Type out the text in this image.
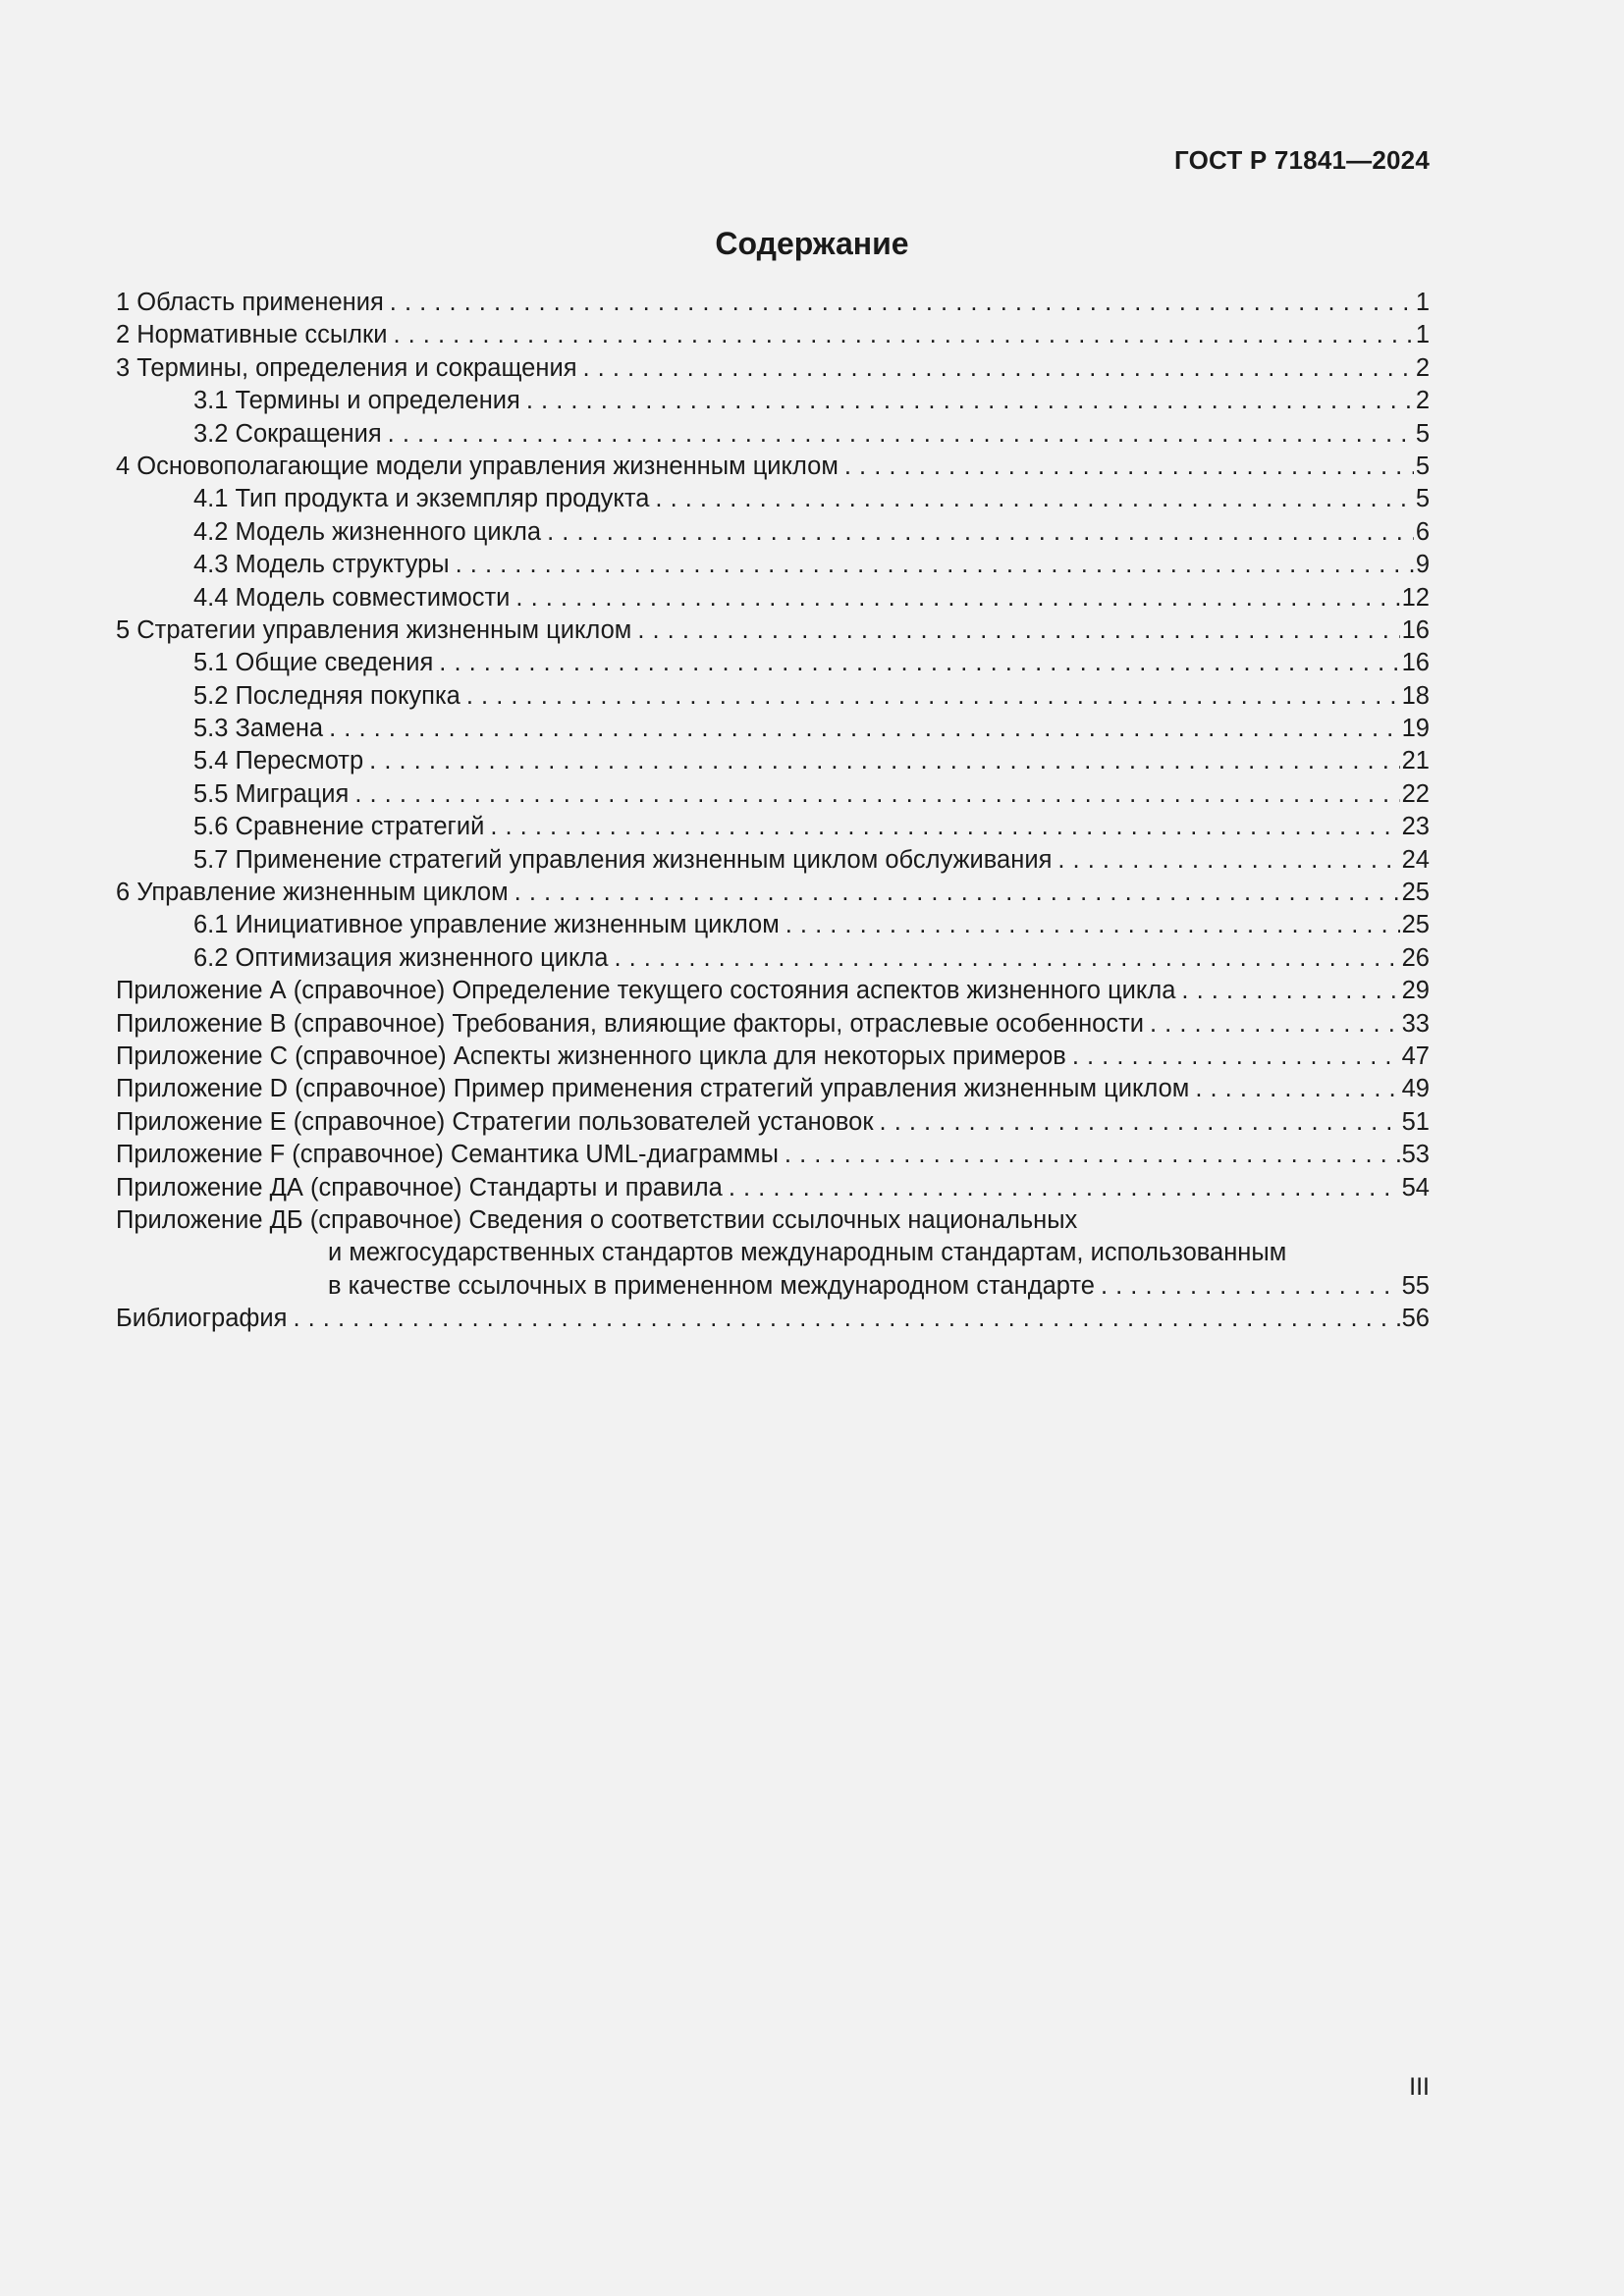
ГОСТ Р 71841—2024
Содержание
1 Область применения . . .	1
2 Нормативные ссылки . . .	1
3 Термины, определения и сокращения . . .	2
3.1 Термины и определения . . .	2
3.2 Сокращения . . .	5
4 Основополагающие модели управления жизненным циклом . . .	5
4.1 Тип продукта и экземпляр продукта . . .	5
4.2 Модель жизненного цикла . . .	6
4.3 Модель структуры . . .	9
4.4 Модель совместимости . . .	12
5 Стратегии управления жизненным циклом . . .	16
5.1 Общие сведения . . .	16
5.2 Последняя покупка . . .	18
5.3 Замена . . .	19
5.4 Пересмотр . . .	21
5.5 Миграция . . .	22
5.6 Сравнение стратегий . . .	23
5.7 Применение стратегий управления жизненным циклом обслуживания . . .	24
6 Управление жизненным циклом . . .	25
6.1 Инициативное управление жизненным циклом . . .	25
6.2 Оптимизация жизненного цикла . . .	26
Приложение А (справочное) Определение текущего состояния аспектов жизненного цикла . . .	29
Приложение В (справочное) Требования, влияющие факторы, отраслевые особенности . . .	33
Приложение С (справочное) Аспекты жизненного цикла для некоторых примеров . . .	47
Приложение D (справочное) Пример применения стратегий управления жизненным циклом . . .	49
Приложение Е (справочное) Стратегии пользователей установок . . .	51
Приложение F (справочное) Семантика UML-диаграммы . . .	53
Приложение ДА (справочное) Стандарты и правила . . .	54
Приложение ДБ (справочное) Сведения о соответствии ссылочных национальных
и межгосударственных стандартов международным стандартам, использованным
в качестве ссылочных в примененном международном стандарте . . .	55
Библиография . . .	56
III
